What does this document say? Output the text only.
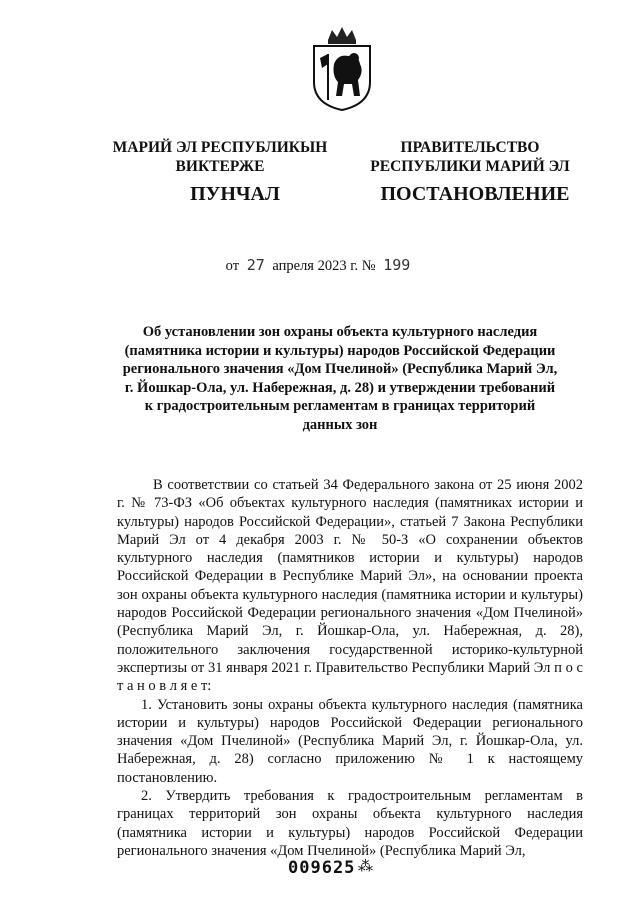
МАРИЙ ЭЛ РЕСПУБЛИКЫН
ВИКТЕРЖЕ
ПРАВИТЕЛЬСТВО
РЕСПУБЛИКИ МАРИЙ ЭЛ
ПУНЧАЛ	ПОСТАНОВЛЕНИЕ
от 27 апреля 2023 г. № 199
Об установлении зон охраны объекта культурного наследия
(памятника истории и культуры) народов Российской Федерации
регионального значения «Дом Пчелиной» (Республика Марий Эл,
г. Йошкар-Ола, ул. Набережная, д. 28) и утверждении требований
к градостроительным регламентам в границах территорий
данных зон

В соответствии со статьей 34 Федерального закона от 25 июня 2002 г. № 73-ФЗ «Об объектах культурного наследия (памятниках истории и культуры) народов Российской Федерации», статьей 7 Закона Республики Марий Эл от 4 декабря 2003 г. № 50-З «О сохранении объектов культурного наследия (памятников истории и культуры) народов Российской Федерации в Республике Марий Эл», на основании проекта зон охраны объекта культурного наследия (памятника истории и культуры) народов Российской Федерации регионального значения «Дом Пчелиной» (Республика Марий Эл, г. Йошкар-Ола, ул. Набережная, д. 28), положительного заключения государственной историко-культурной экспертизы от 31 января 2021 г. Правительство Республики Марий Эл п о с т а н о в л я е т:

1. Установить зоны охраны объекта культурного наследия (памятника истории и культуры) народов Российской Федерации регионального значения «Дом Пчелиной» (Республика Марий Эл, г. Йошкар-Ола, ул. Набережная, д. 28) согласно приложению № 1 к настоящему постановлению.

2. Утвердить требования к градостроительным регламентам в границах территорий зон охраны объекта культурного наследия (памятника истории и культуры) народов Российской Федерации регионального значения «Дом Пчелиной» (Республика Марий Эл,

009625 ⁂
